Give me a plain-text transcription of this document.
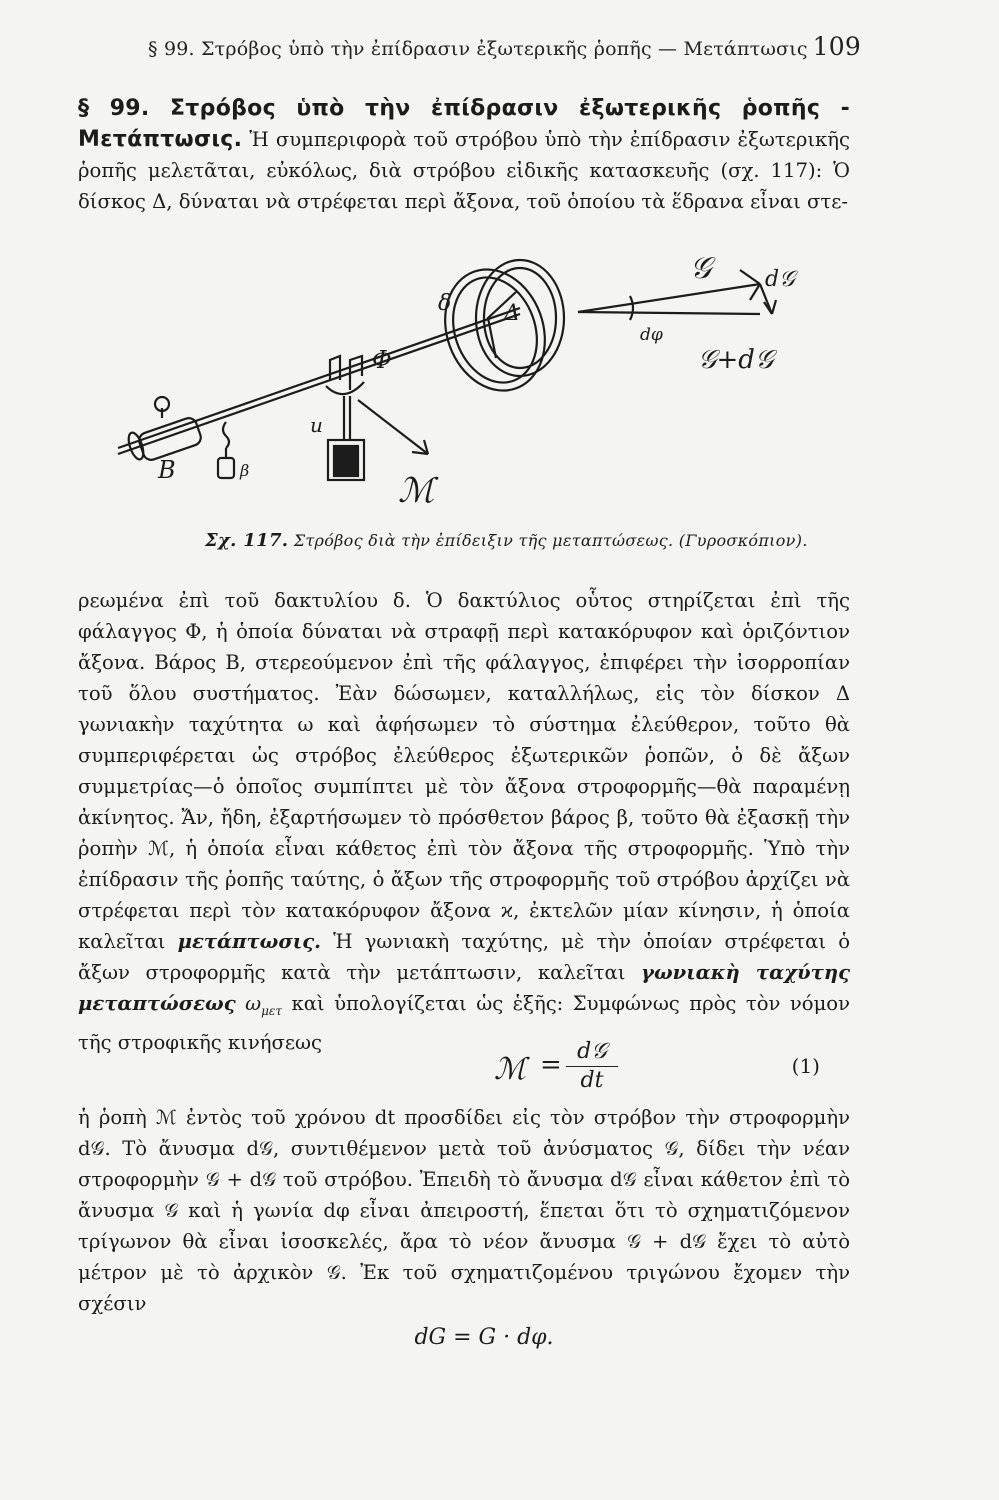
§ 99. Στρόβος ὑπὸ τὴν ἐπίδρασιν ἐξωτερικῆς ῥοπῆς — Μετάπτωσις 109

§ 99. Στρόβος ὑπὸ τὴν ἐπίδρασιν ἐξωτερικῆς ῥοπῆς - Μετάπτωσις. Ἡ συμπεριφορὰ τοῦ στρόβου ὑπὸ τὴν ἐπίδρασιν ἐξωτερικῆς ῥοπῆς μελετᾶται, εὐκόλως, διὰ στρόβου εἰδικῆς κατασκευῆς (σχ. 117): Ὁ δίσκος Δ, δύναται νὰ στρέφεται περὶ ἄξονα, τοῦ ὁποίου τὰ ἕδρανα εἶναι στε-

𝒢 d𝒢
𝒢+d𝒢
dφ
δ Δ
Φ
u
B	β
ℳ
Σχ. 117. Στρόβος διὰ τὴν ἐπίδειξιν τῆς μεταπτώσεως. (Γυροσκόπιον).

ρεωμένα ἐπὶ τοῦ δακτυλίου δ. Ὁ δακτύλιος οὗτος στηρίζεται ἐπὶ τῆς φάλαγγος Φ, ἡ ὁποία δύναται νὰ στραφῇ περὶ κατακόρυφον καὶ ὁριζόντιον ἄξονα. Βάρος B, στερεούμενον ἐπὶ τῆς φάλαγγος, ἐπιφέρει τὴν ἰσορροπίαν τοῦ ὅλου συστήματος. Ἐὰν δώσωμεν, καταλλήλως, εἰς τὸν δίσκον Δ γωνιακὴν ταχύτητα ω καὶ ἀφήσωμεν τὸ σύστημα ἐλεύθερον, τοῦτο θὰ συμπεριφέρεται ὡς στρόβος ἐλεύθερος ἐξωτερικῶν ῥοπῶν, ὁ δὲ ἄξων συμμετρίας—ὁ ὁποῖος συμπίπτει μὲ τὸν ἄξονα στροφορμῆς—θὰ παραμένῃ ἀκίνητος. Ἄν, ἤδη, ἐξαρτήσωμεν τὸ πρόσθετον βάρος β, τοῦτο θὰ ἐξασκῇ τὴν ῥοπὴν ℳ, ἡ ὁποία εἶναι κάθετος ἐπὶ τὸν ἄξονα τῆς στροφορμῆς. Ὑπὸ τὴν ἐπίδρασιν τῆς ῥοπῆς ταύτης, ὁ ἄξων τῆς στροφορμῆς τοῦ στρόβου ἀρχίζει νὰ στρέφεται περὶ τὸν κατακόρυφον ἄξονα ϰ, ἐκτελῶν μίαν κίνησιν, ἡ ὁποία καλεῖται μετάπτωσις. Ἡ γωνιακὴ ταχύτης, μὲ τὴν ὁποίαν στρέφεται ὁ ἄξων στροφορμῆς κατὰ τὴν μετάπτωσιν, καλεῖται γωνιακὴ ταχύτης μεταπτώσεως $\omega_{\mu\varepsilon\tau}$ καὶ ὑπολογίζεται ὡς ἑξῆς: Συμφώνως πρὸς τὸν νόμον τῆς στροφικῆς κινήσεως

ℳ = d𝒢
dt
(1)

ἡ ῥοπὴ ℳ ἐντὸς τοῦ χρόνου dt προσδίδει εἰς τὸν στρόβον τὴν στροφορμὴν d𝒢. Τὸ ἄνυσμα d𝒢, συντιθέμενον μετὰ τοῦ ἀνύσματος 𝒢, δίδει τὴν νέαν στροφορμὴν 𝒢 + d𝒢 τοῦ στρόβου. Ἐπειδὴ τὸ ἄνυσμα d𝒢 εἶναι κάθετον ἐπὶ τὸ ἄνυσμα 𝒢 καὶ ἡ γωνία dφ εἶναι ἀπειροστή, ἕπεται ὅτι τὸ σχηματιζόμενον τρίγωνον θὰ εἶναι ἰσοσκελές, ἄρα τὸ νέον ἄνυσμα 𝒢 + d𝒢 ἔχει τὸ αὐτὸ μέτρον μὲ τὸ ἀρχικὸν 𝒢. Ἐκ τοῦ σχηματιζομένου τριγώνου ἔχομεν τὴν σχέσιν

dG = G · dφ.
